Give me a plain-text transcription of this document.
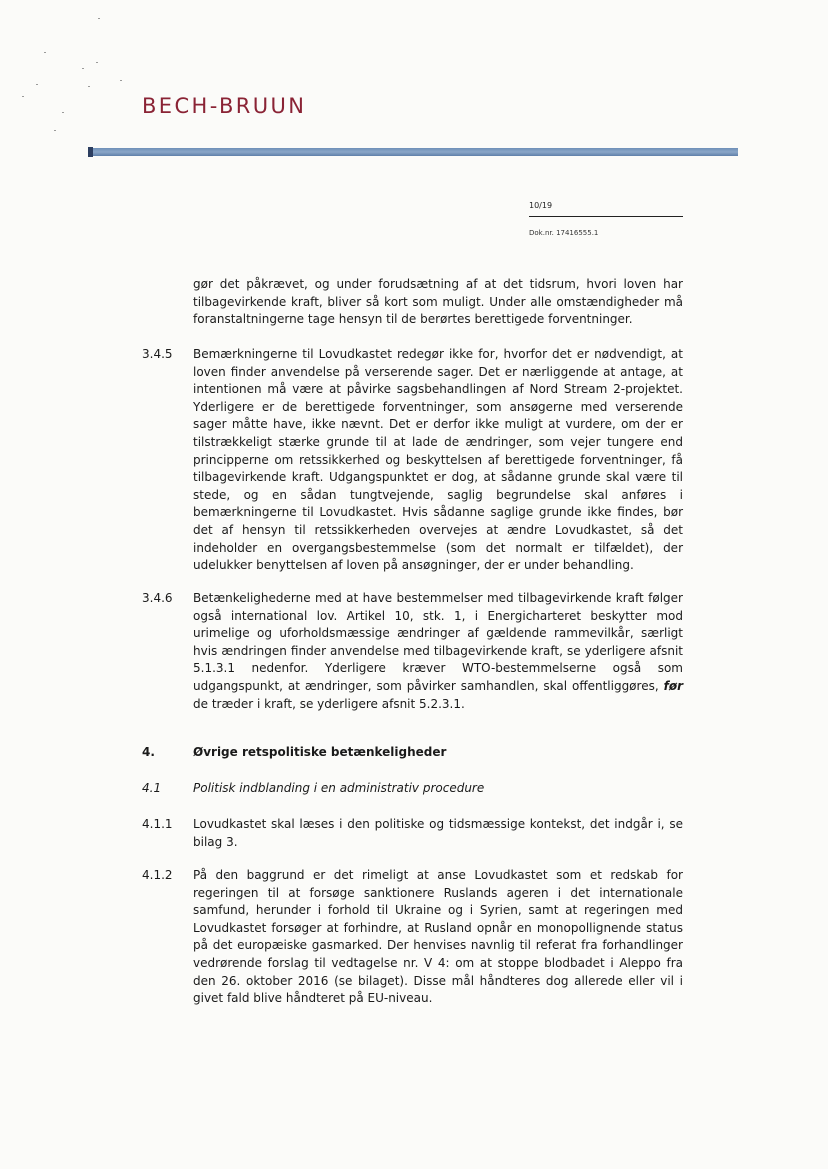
BECH-BRUUN
10/19
Dok.nr. 17416555.1
gør det påkrævet, og under forudsætning af at det tidsrum, hvori loven har tilbagevirkende kraft, bliver så kort som muligt. Under alle omstændigheder må foranstaltningerne tage hensyn til de berørtes berettigede forventninger.
3.4.5 Bemærkningerne til Lovudkastet redegør ikke for, hvorfor det er nødvendigt, at loven finder anvendelse på verserende sager. Det er nærliggende at antage, at intentionen må være at påvirke sagsbehandlingen af Nord Stream 2-projektet. Yderligere er de berettigede forventninger, som ansøgerne med verserende sager måtte have, ikke nævnt. Det er derfor ikke muligt at vurdere, om der er tilstrækkeligt stærke grunde til at lade de ændringer, som vejer tungere end principperne om retssikkerhed og beskyttelsen af berettigede forventninger, få tilbagevirkende kraft. Udgangspunktet er dog, at sådanne grunde skal være til stede, og en sådan tungtvejende, saglig begrundelse skal anføres i bemærkningerne til Lovudkastet. Hvis sådanne saglige grunde ikke findes, bør det af hensyn til retssikkerheden overvejes at ændre Lovudkastet, så det indeholder en overgangsbestemmelse (som det normalt er tilfældet), der udelukker benyttelsen af loven på ansøgninger, der er under behandling.
3.4.6 Betænkelighederne med at have bestemmelser med tilbagevirkende kraft følger også international lov. Artikel 10, stk. 1, i Energicharteret beskytter mod urimelige og uforholdsmæssige ændringer af gældende rammevilkår, særligt hvis ændringen finder anvendelse med tilbagevirkende kraft, se yderligere afsnit 5.1.3.1 nedenfor. Yderligere kræver WTO-bestemmelserne også som udgangspunkt, at ændringer, som påvirker samhandlen, skal offentliggøres, før de træder i kraft, se yderligere afsnit 5.2.3.1.
4.	Øvrige retspolitiske betænkeligheder
4.1	Politisk indblanding i en administrativ procedure
4.1.1 Lovudkastet skal læses i den politiske og tidsmæssige kontekst, det indgår i, se bilag 3.
4.1.2 På den baggrund er det rimeligt at anse Lovudkastet som et redskab for regeringen til at forsøge sanktionere Ruslands ageren i det internationale samfund, herunder i forhold til Ukraine og i Syrien, samt at regeringen med Lovudkastet forsøger at forhindre, at Rusland opnår en monopollignende status på det europæiske gasmarked. Der henvises navnlig til referat fra forhandlinger vedrørende forslag til vedtagelse nr. V 4: om at stoppe blodbadet i Aleppo fra den 26. oktober 2016 (se bilaget). Disse mål håndteres dog allerede eller vil i givet fald blive håndteret på EU-niveau.
